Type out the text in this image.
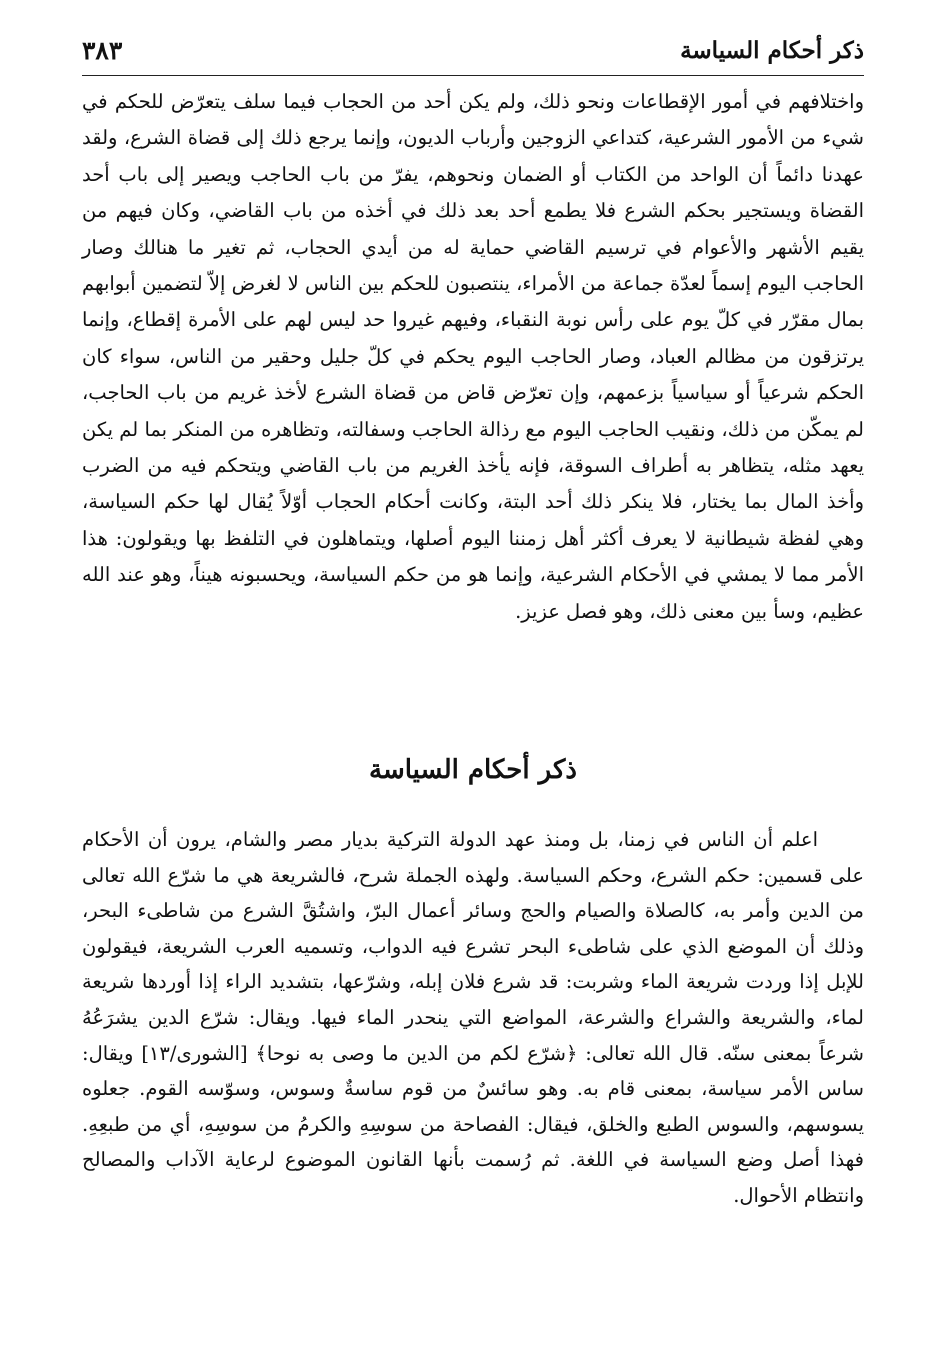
٣٨٣	ذكر أحكام السياسة

واختلافهم في أمور الإقطاعات ونحو ذلك، ولم يكن أحد من الحجاب فيما سلف يتعرّض للحكم في شيء من الأمور الشرعية، كتداعي الزوجين وأرباب الديون، وإنما يرجع ذلك إلى قضاة الشرع، ولقد عهدنا دائماً أن الواحد من الكتاب أو الضمان ونحوهم، يفرّ من باب الحاجب ويصير إلى باب أحد القضاة ويستجير بحكم الشرع فلا يطمع أحد بعد ذلك في أخذه من باب القاضي، وكان فيهم من يقيم الأشهر والأعوام في ترسيم القاضي حماية له من أيدي الحجاب، ثم تغير ما هنالك وصار الحاجب اليوم إسماً لعدّة جماعة من الأمراء، ينتصبون للحكم بين الناس لا لغرض إلاّ لتضمين أبوابهم بمال مقرّر في كلّ يوم على رأس نوبة النقباء، وفيهم غيروا حد ليس لهم على الأمرة إقطاع، وإنما يرتزقون من مظالم العباد، وصار الحاجب اليوم يحكم في كلّ جليل وحقير من الناس، سواء كان الحكم شرعياً أو سياسياً بزعمهم، وإن تعرّض قاض من قضاة الشرع لأخذ غريم من باب الحاجب، لم يمكّن من ذلك، ونقيب الحاجب اليوم مع رذالة الحاجب وسفالته، وتظاهره من المنكر بما لم يكن يعهد مثله، يتظاهر به أطراف السوقة، فإنه يأخذ الغريم من باب القاضي ويتحكم فيه من الضرب وأخذ المال بما يختار، فلا ينكر ذلك أحد البتة، وكانت أحكام الحجاب أوّلاً يُقال لها حكم السياسة، وهي لفظة شيطانية لا يعرف أكثر أهل زمننا اليوم أصلها، ويتماهلون في التلفظ بها ويقولون: هذا الأمر مما لا يمشي في الأحكام الشرعية، وإنما هو من حكم السياسة، ويحسبونه هيناً، وهو عند الله عظيم، وسأ بين معنى ذلك، وهو فصل عزيز.

ذكر أحكام السياسة

اعلم أن الناس في زمنا، بل ومنذ عهد الدولة التركية بديار مصر والشام، يرون أن الأحكام على قسمين: حكم الشرع، وحكم السياسة. ولهذه الجملة شرح، فالشريعة هي ما شرّع الله تعالى من الدين وأمر به، كالصلاة والصيام والحج وسائر أعمال البرّ، واشتُقَّ الشرع من شاطىء البحر، وذلك أن الموضع الذي على شاطىء البحر تشرع فيه الدواب، وتسميه العرب الشريعة، فيقولون للإبل إذا وردت شريعة الماء وشربت: قد شرع فلان إبله، وشرّعها، بتشديد الراء إذا أوردها شريعة لماء، والشريعة والشراع والشرعة، المواضع التي ينحدر الماء فيها. ويقال: شرّع الدين يشرَعُهُ شرعاً بمعنى سنّه. قال الله تعالى: ﴿شرّع لكم من الدين ما وصى به نوحا﴾ [الشورى/١٣] ويقال: ساس الأمر سياسة، بمعنى قام به. وهو سائسٌ من قوم ساسةٌ وسوس، وسوّسه القوم. جعلوه يسوسهم، والسوس الطبع والخلق، فيقال: الفصاحة من سوسِهِ والكرمُ من سوسِهِ، أي من طبعِهِ. فهذا أصل وضع السياسة في اللغة. ثم رُسمت بأنها القانون الموضوع لرعاية الآداب والمصالح وانتظام الأحوال.
